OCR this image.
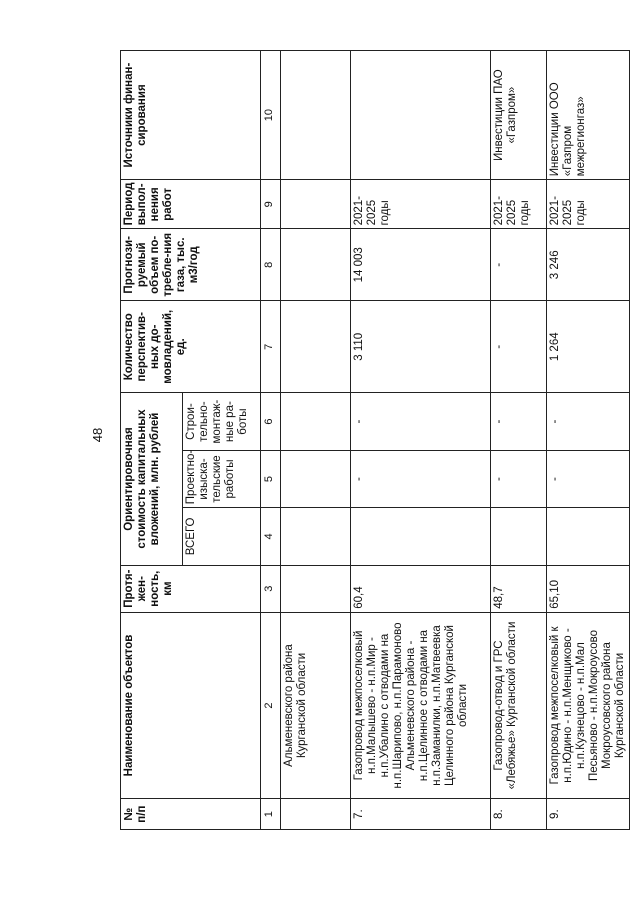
48
№ п/п	Наименование объектов	Протя-жен-ность, км	Ориентировочная стоимость капитальных вложений, млн. рублей			Количество перспектив-ных до-мовладений, ед.	Прогнози-руемый объем по-требле-ния газа, тыс. м3/год	Период выпол-нения работ	Источники финан-сирования
			ВСЕГО	Проектно-изыска-тельские работы	Строи-тельно-монтаж-ные ра-боты				
1	2	3	4	5	6	7	8	9	10
	Альменевского района Курганской области								
7.	Газопровод межпоселковый н.п.Малышево - н.п.Мир - н.п.Убалино с отводами на н.п.Шарипово, н.п.Парамоново Альменевского района - н.п.Целинное с отводами на н.п.Заманилки, н.п.Матвеевка Целинного района Курганской области	60,4		-	-	3 110	14 003	2021-2025 годы	
8.	Газопровод-отвод и ГРС «Лебяжье» Курганской области	48,7		-	-	-	-	2021-2025 годы	Инвестиции ПАО «Газпром»
9.	Газопровод межпоселковый к н.п.Юдино - н.п.Менщиково - н.п.Кузнецово - н.п.Мал Песьяново - н.п.Мокроусово Мокроусовского района Курганской области	65,10		-	-	1 264	3 246	2021-2025 годы	Инвестиции ООО «Газпром межрегионгаз»
